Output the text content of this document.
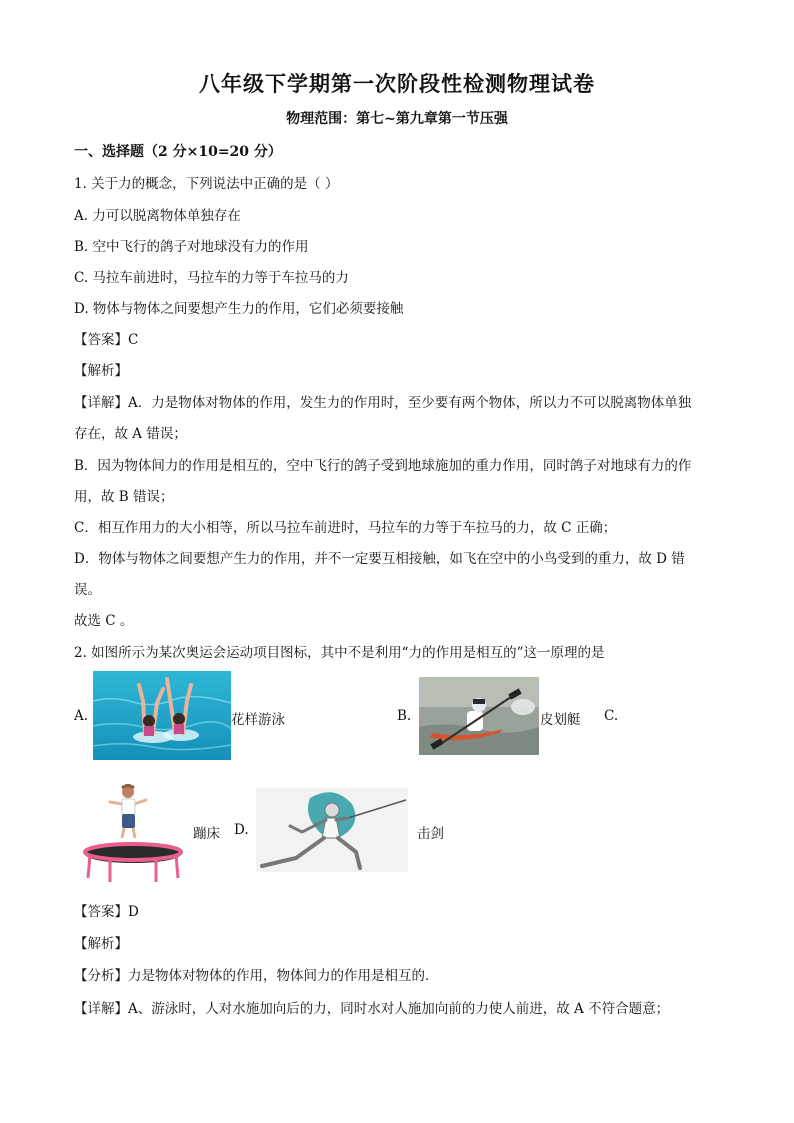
八年级下学期第一次阶段性检测物理试卷
物理范围：第七~第九章第一节压强
一、选择题（2 分×10=20 分）
1. 关于力的概念，下列说法中正确的是（ ）
A. 力可以脱离物体单独存在
B. 空中飞行的鸽子对地球没有力的作用
C. 马拉车前进时，马拉车的力等于车拉马的力
D. 物体与物体之间要想产生力的作用，它们必须要接触
【答案】C
【解析】
【详解】A．力是物体对物体的作用，发生力的作用时，至少要有两个物体，所以力不可以脱离物体单独
存在，故 A 错误；
B．因为物体间力的作用是相互的，空中飞行的鸽子受到地球施加的重力作用，同时鸽子对地球有力的作
用，故 B 错误；
C．相互作用力的大小相等，所以马拉车前进时，马拉车的力等于车拉马的力，故 C 正确；
D．物体与物体之间要想产生力的作用，并不一定要互相接触，如飞在空中的小鸟受到的重力，故 D 错
误。
故选 C 。
2. 如图所示为某次奥运会运动项目图标，其中不是利用“力的作用是相互的”这一原理的是
A.	花样游泳	B.	皮划艇 C.
蹦床 D.	击剑
【答案】D
【解析】
【分析】力是物体对物体的作用，物体间力的作用是相互的．
【详解】A、游泳时，人对水施加向后的力，同时水对人施加向前的力使人前进，故 A 不符合题意；
